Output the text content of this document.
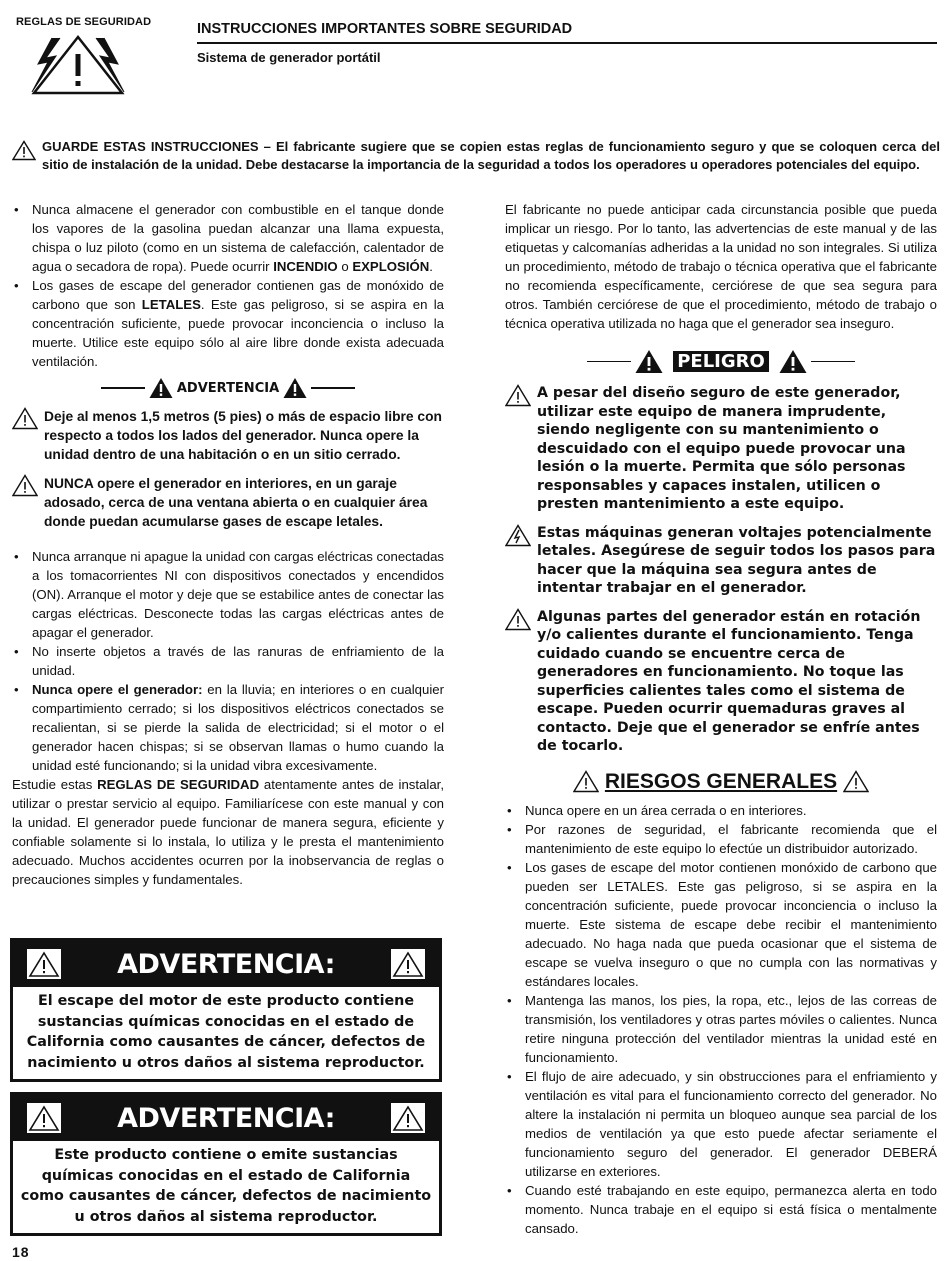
REGLAS DE SEGURIDAD	INSTRUCCIONES IMPORTANTES SOBRE SEGURIDAD
Sistema de generador portátil
GUARDE ESTAS INSTRUCCIONES – El fabricante sugiere que se copien estas reglas de funcionamiento seguro y que se coloquen cerca del sitio de instalación de la unidad. Debe destacarse la importancia de la seguridad a todos los operadores u operadores potenciales del equipo.
• Nunca almacene el generador con combustible en el tanque donde los vapores de la gasolina puedan alcanzar una llama expuesta, chispa o luz piloto (como en un sistema de calefacción, calentador de agua o secadora de ropa). Puede ocurrir INCENDIO o EXPLOSIÓN.
• Los gases de escape del generador contienen gas de monóxido de carbono que son LETALES. Este gas peligroso, si se aspira en la concentración suficiente, puede provocar inconciencia o incluso la muerte. Utilice este equipo sólo al aire libre donde exista adecuada ventilación.
ADVERTENCIA
Deje al menos 1,5 metros (5 pies) o más de espacio libre con respecto a todos los lados del generador. Nunca opere la unidad dentro de una habitación o en un sitio cerrado.
NUNCA opere el generador en interiores, en un garaje adosado, cerca de una ventana abierta o en cualquier área donde puedan acumularse gases de escape letales.
• Nunca arranque ni apague la unidad con cargas eléctricas conectadas a los tomacorrientes NI con dispositivos conectados y encendidos (ON). Arranque el motor y deje que se estabilice antes de conectar las cargas eléctricas. Desconecte todas las cargas eléctricas antes de apagar el generador.
• No inserte objetos a través de las ranuras de enfriamiento de la unidad.
• Nunca opere el generador: en la lluvia; en interiores o en cualquier compartimiento cerrado; si los dispositivos eléctricos conectados se recalientan, si se pierde la salida de electricidad; si el motor o el generador hacen chispas; si se observan llamas o humo cuando la unidad esté funcionando; si la unidad vibra excesivamente.
Estudie estas REGLAS DE SEGURIDAD atentamente antes de instalar, utilizar o prestar servicio al equipo. Familiarícese con este manual y con la unidad. El generador puede funcionar de manera segura, eficiente y confiable solamente si lo instala, lo utiliza y le presta el mantenimiento adecuado. Muchos accidentes ocurren por la inobservancia de reglas o precauciones simples y fundamentales.
ADVERTENCIA:
El escape del motor de este producto contiene sustancias químicas conocidas en el estado de California como causantes de cáncer, defectos de nacimiento u otros daños al sistema reproductor.
ADVERTENCIA:
Este producto contiene o emite sustancias químicas conocidas en el estado de California como causantes de cáncer, defectos de nacimiento u otros daños al sistema reproductor.
El fabricante no puede anticipar cada circunstancia posible que pueda implicar un riesgo. Por lo tanto, las advertencias de este manual y de las etiquetas y calcomanías adheridas a la unidad no son integrales. Si utiliza un procedimiento, método de trabajo o técnica operativa que el fabricante no recomienda específicamente, cerciórese de que sea segura para otros. También cerciórese de que el procedimiento, método de trabajo o técnica operativa utilizada no haga que el generador sea inseguro.
PELIGRO
A pesar del diseño seguro de este generador, utilizar este equipo de manera imprudente, siendo negligente con su mantenimiento o descuidado con el equipo puede provocar una lesión o la muerte. Permita que sólo personas responsables y capaces instalen, utilicen o presten mantenimiento a este equipo.
Estas máquinas generan voltajes potencialmente letales. Asegúrese de seguir todos los pasos para hacer que la máquina sea segura antes de intentar trabajar en el generador.
Algunas partes del generador están en rotación y/o calientes durante el funcionamiento. Tenga cuidado cuando se encuentre cerca de generadores en funcionamiento. No toque las superficies calientes tales como el sistema de escape. Pueden ocurrir quemaduras graves al contacto. Deje que el generador se enfríe antes de tocarlo.
RIESGOS GENERALES
• Nunca opere en un área cerrada o en interiores.
• Por razones de seguridad, el fabricante recomienda que el mantenimiento de este equipo lo efectúe un distribuidor autorizado.
• Los gases de escape del motor contienen monóxido de carbono que pueden ser LETALES. Este gas peligroso, si se aspira en la concentración suficiente, puede provocar inconciencia o incluso la muerte. Este sistema de escape debe recibir el mantenimiento adecuado. No haga nada que pueda ocasionar que el sistema de escape se vuelva inseguro o que no cumpla con las normativas y estándares locales.
• Mantenga las manos, los pies, la ropa, etc., lejos de las correas de transmisión, los ventiladores y otras partes móviles o calientes. Nunca retire ninguna protección del ventilador mientras la unidad esté en funcionamiento.
• El flujo de aire adecuado, y sin obstrucciones para el enfriamiento y ventilación es vital para el funcionamiento correcto del generador. No altere la instalación ni permita un bloqueo aunque sea parcial de los medios de ventilación ya que esto puede afectar seriamente el funcionamiento seguro del generador. El generador DEBERÁ utilizarse en exteriores.
• Cuando esté trabajando en este equipo, permanezca alerta en todo momento. Nunca trabaje en el equipo si está física o mentalmente cansado.
18
